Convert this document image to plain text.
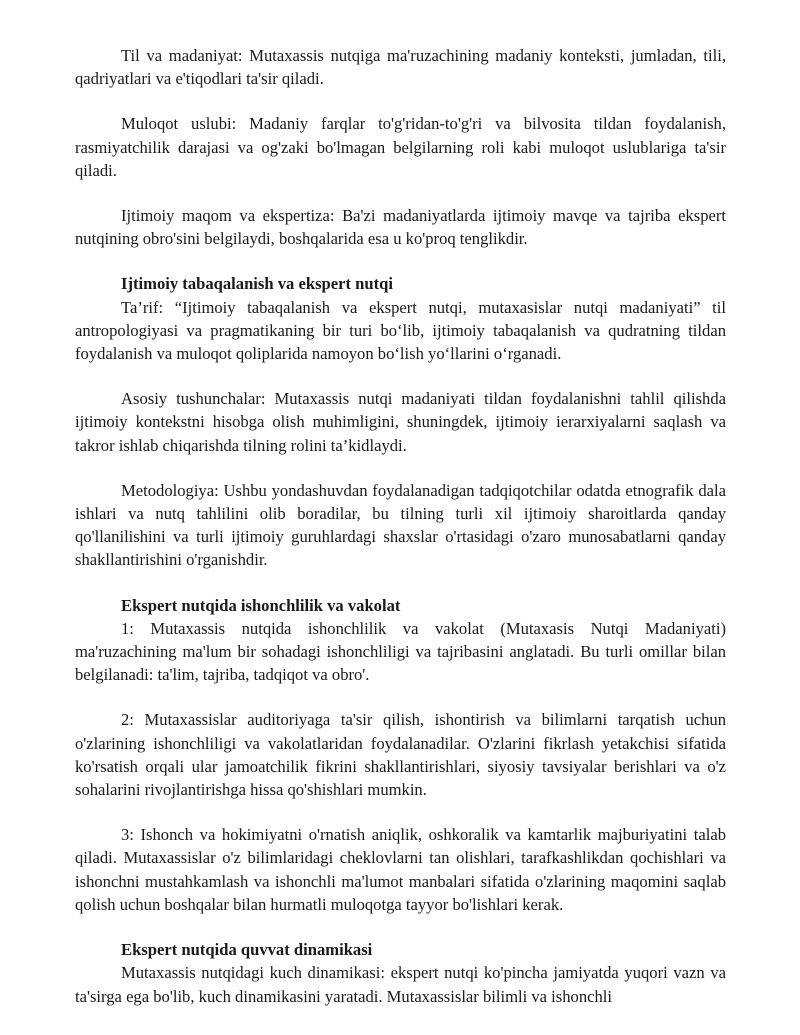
Til va madaniyat: Mutaxassis nutqiga ma'ruzachining madaniy konteksti, jumladan, tili, qadriyatlari va e'tiqodlari ta'sir qiladi.

Muloqot uslubi: Madaniy farqlar to'g'ridan-to'g'ri va bilvosita tildan foydalanish, rasmiyatchilik darajasi va og'zaki bo'lmagan belgilarning roli kabi muloqot uslublariga ta'sir qiladi.

Ijtimoiy maqom va ekspertiza: Ba'zi madaniyatlarda ijtimoiy mavqe va tajriba ekspert nutqining obro'sini belgilaydi, boshqalarida esa u ko'proq tenglikdir.

Ijtimoiy tabaqalanish va ekspert nutqi

Ta’rif: “Ijtimoiy tabaqalanish va ekspert nutqi, mutaxasislar nutqi madaniyati” til antropologiyasi va pragmatikaning bir turi bo‘lib, ijtimoiy tabaqalanish va qudratning tildan foydalanish va muloqot qoliplarida namoyon bo‘lish yo‘llarini o‘rganadi.

Asosiy tushunchalar: Mutaxassis nutqi madaniyati tildan foydalanishni tahlil qilishda ijtimoiy kontekstni hisobga olish muhimligini, shuningdek, ijtimoiy ierarxiyalarni saqlash va takror ishlab chiqarishda tilning rolini ta’kidlaydi.

Metodologiya: Ushbu yondashuvdan foydalanadigan tadqiqotchilar odatda etnografik dala ishlari va nutq tahlilini olib boradilar, bu tilning turli xil ijtimoiy sharoitlarda qanday qo'llanilishini va turli ijtimoiy guruhlardagi shaxslar o'rtasidagi o'zaro munosabatlarni qanday shakllantirishini o'rganishdir.

Ekspert nutqida ishonchlilik va vakolat

1: Mutaxassis nutqida ishonchlilik va vakolat (Mutaxasis Nutqi Madaniyati) ma'ruzachining ma'lum bir sohadagi ishonchliligi va tajribasini anglatadi. Bu turli omillar bilan belgilanadi: ta'lim, tajriba, tadqiqot va obro'.

2: Mutaxassislar auditoriyaga ta'sir qilish, ishontirish va bilimlarni tarqatish uchun o'zlarining ishonchliligi va vakolatlaridan foydalanadilar. O'zlarini fikrlash yetakchisi sifatida ko'rsatish orqali ular jamoatchilik fikrini shakllantirishlari, siyosiy tavsiyalar berishlari va o'z sohalarini rivojlantirishga hissa qo'shishlari mumkin.

3: Ishonch va hokimiyatni o'rnatish aniqlik, oshkoralik va kamtarlik majburiyatini talab qiladi. Mutaxassislar o'z bilimlaridagi cheklovlarni tan olishlari, tarafkashlikdan qochishlari va ishonchni mustahkamlash va ishonchli ma'lumot manbalari sifatida o'zlarining maqomini saqlab qolish uchun boshqalar bilan hurmatli muloqotga tayyor bo'lishlari kerak.

Ekspert nutqida quvvat dinamikasi

Mutaxassis nutqidagi kuch dinamikasi: ekspert nutqi ko'pincha jamiyatda yuqori vazn va ta'sirga ega bo'lib, kuch dinamikasini yaratadi. Mutaxassislar bilimli va ishonchli
